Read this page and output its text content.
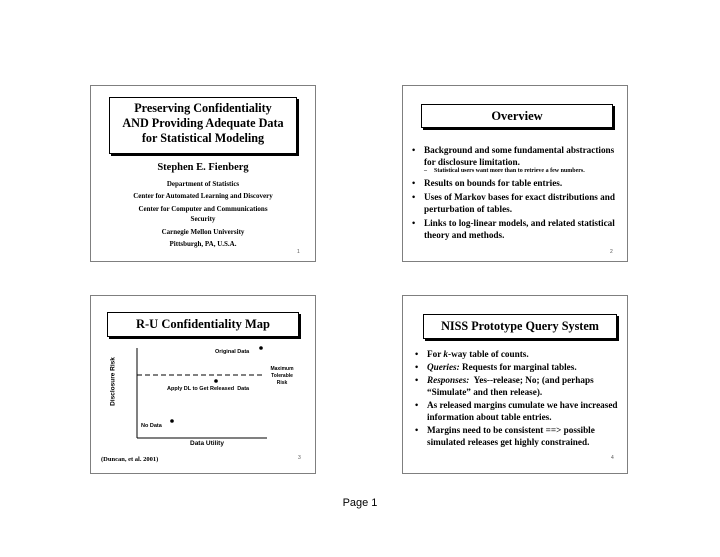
Preserving Confidentiality
AND Providing Adequate Data
for Statistical Modeling
Stephen E. Fienberg
Department of Statistics
Center for Automated Learning and Discovery
Center for Computer and Communications
Security
Carnegie Mellon University
Pittsburgh, PA, U.S.A.
1
Overview
• Background and some fundamental abstractions for disclosure limitation.
– Statistical users want more than to retrieve a few numbers.
• Results on bounds for table entries.
• Uses of Markov bases for exact distributions and perturbation of tables.
• Links to log-linear models, and related statistical theory and methods.
2
R-U Confidentiality Map
Disclosure Risk
Original Data
Maximum
Tolerable
Risk
Apply DL to Get Released  Data
No Data
Data Utility
(Duncan, et al. 2001)	3
NISS Prototype Query System
• For k-way table of counts.
• Queries: Requests for marginal tables.
• Responses:  Yes--release; No; (and perhaps “Simulate” and then release).
• As released margins cumulate we have increased information about table entries.
• Margins need to be consistent ==> possible simulated releases get highly constrained.
4
Page 1
